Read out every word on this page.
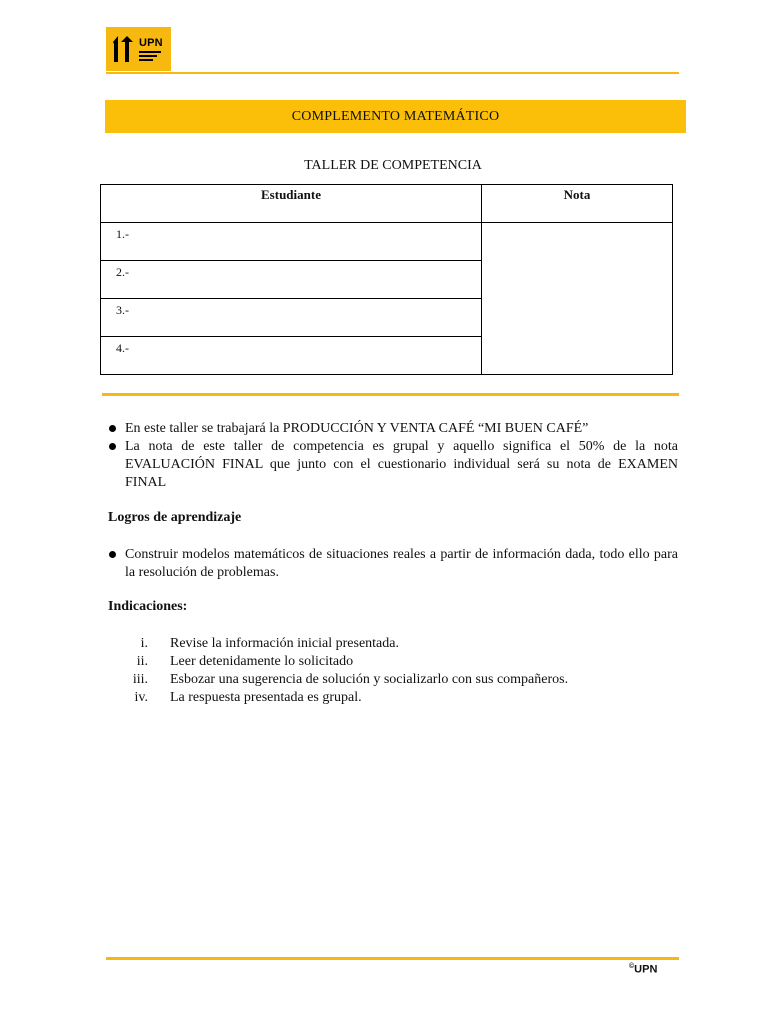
UPN
COMPLEMENTO MATEMÁTICO
TALLER DE COMPETENCIA
Estudiante	Nota
1.-	
2.-	
3.-	
4.-	
En este taller se trabajará la PRODUCCIÓN Y VENTA CAFÉ “MI BUEN CAFÉ”
La nota de este taller de competencia es grupal y aquello significa el 50% de la nota EVALUACIÓN FINAL que junto con el cuestionario individual será su nota de EXAMEN FINAL
Logros de aprendizaje
Construir modelos matemáticos de situaciones reales a partir de información dada, todo ello para la resolución de problemas.
Indicaciones:
i. Revise la información inicial presentada.
ii. Leer detenidamente lo solicitado
iii. Esbozar una sugerencia de solución y socializarlo con sus compañeros.
iv. La respuesta presentada es grupal.
©UPN
